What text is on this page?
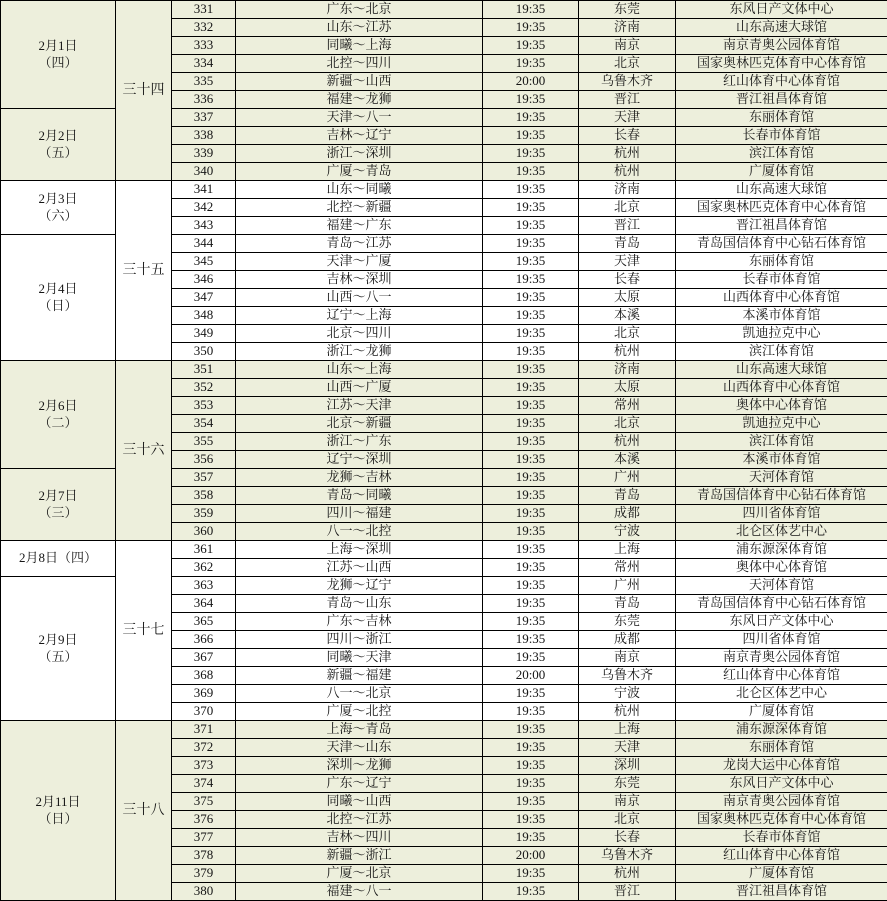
2月1日
（四）	三十四	331	广东～北京	19:35	东莞	东风日产文体中心
		332	山东～江苏	19:35	济南	山东高速大球馆
		333	同曦～上海	19:35	南京	南京青奥公园体育馆
		334	北控～四川	19:35	北京	国家奥林匹克体育中心体育馆
		335	新疆～山西	20:00	乌鲁木齐	红山体育中心体育馆
		336	福建～龙狮	19:35	晋江	晋江祖昌体育馆
2月2日
（五）		337	天津～八一	19:35	天津	东丽体育馆
		338	吉林～辽宁	19:35	长春	长春市体育馆
		339	浙江～深圳	19:35	杭州	滨江体育馆
		340	广厦～青岛	19:35	杭州	广厦体育馆
2月3日
（六）	三十五	341	山东～同曦	19:35	济南	山东高速大球馆
		342	北控～新疆	19:35	北京	国家奥林匹克体育中心体育馆
		343	福建～广东	19:35	晋江	晋江祖昌体育馆
2月4日
（日）		344	青岛～江苏	19:35	青岛	青岛国信体育中心钻石体育馆
		345	天津～广厦	19:35	天津	东丽体育馆
		346	吉林～深圳	19:35	长春	长春市体育馆
		347	山西～八一	19:35	太原	山西体育中心体育馆
		348	辽宁～上海	19:35	本溪	本溪市体育馆
		349	北京～四川	19:35	北京	凯迪拉克中心
		350	浙江～龙狮	19:35	杭州	滨江体育馆
2月6日
（二）	三十六	351	山东～上海	19:35	济南	山东高速大球馆
		352	山西～广厦	19:35	太原	山西体育中心体育馆
		353	江苏～天津	19:35	常州	奥体中心体育馆
		354	北京～新疆	19:35	北京	凯迪拉克中心
		355	浙江～广东	19:35	杭州	滨江体育馆
		356	辽宁～深圳	19:35	本溪	本溪市体育馆
2月7日
（三）		357	龙狮～吉林	19:35	广州	天河体育馆
		358	青岛～同曦	19:35	青岛	青岛国信体育中心钻石体育馆
		359	四川～福建	19:35	成都	四川省体育馆
		360	八一～北控	19:35	宁波	北仑区体艺中心
2月8日（四）	三十七	361	上海～深圳	19:35	上海	浦东源深体育馆
		362	江苏～山西	19:35	常州	奥体中心体育馆
2月9日
（五）		363	龙狮～辽宁	19:35	广州	天河体育馆
		364	青岛～山东	19:35	青岛	青岛国信体育中心钻石体育馆
		365	广东～吉林	19:35	东莞	东风日产文体中心
		366	四川～浙江	19:35	成都	四川省体育馆
		367	同曦～天津	19:35	南京	南京青奥公园体育馆
		368	新疆～福建	20:00	乌鲁木齐	红山体育中心体育馆
		369	八一～北京	19:35	宁波	北仑区体艺中心
		370	广厦～北控	19:35	杭州	广厦体育馆
2月11日
（日）	三十八	371	上海～青岛	19:35	上海	浦东源深体育馆
		372	天津～山东	19:35	天津	东丽体育馆
		373	深圳～龙狮	19:35	深圳	龙岗大运中心体育馆
		374	广东～辽宁	19:35	东莞	东风日产文体中心
		375	同曦～山西	19:35	南京	南京青奥公园体育馆
		376	北控～江苏	19:35	北京	国家奥林匹克体育中心体育馆
		377	吉林～四川	19:35	长春	长春市体育馆
		378	新疆～浙江	20:00	乌鲁木齐	红山体育中心体育馆
		379	广厦～北京	19:35	杭州	广厦体育馆
		380	福建～八一	19:35	晋江	晋江祖昌体育馆
